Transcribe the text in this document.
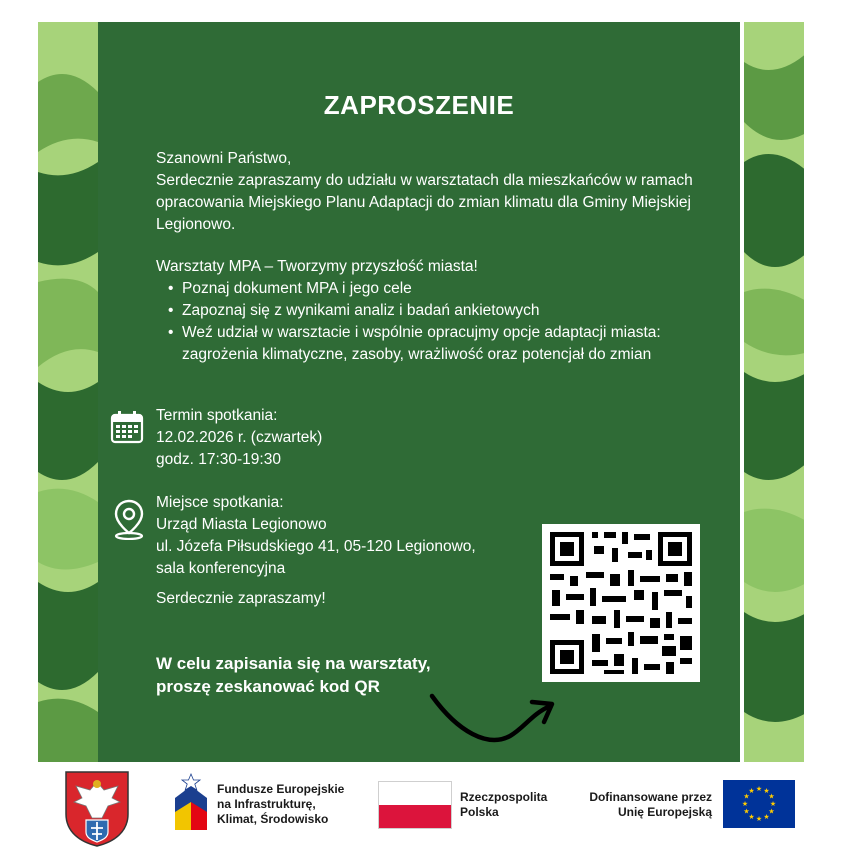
ZAPROSZENIE

Szanowni Państwo,

Serdecznie zapraszamy do udziału w warsztatach dla mieszkańców w ramach opracowania Miejskiego Planu Adaptacji do zmian klimatu dla Gminy Miejskiej Legionowo.

Warsztaty MPA – Tworzymy przyszłość miasta!
• Poznaj dokument MPA i jego cele
• Zapoznaj się z wynikami analiz i badań ankietowych
• Weź udział w warsztacie i wspólnie opracujmy opcje adaptacji miasta: zagrożenia klimatyczne, zasoby, wrażliwość oraz potencjał do zmian
Termin spotkania:
12.02.2026 r. (czwartek)
godz. 17:30-19:30
Miejsce spotkania:
Urząd Miasta Legionowo
ul. Józefa Piłsudskiego 41, 05-120 Legionowo,
sala konferencyjna
Serdecznie zapraszamy!
W celu zapisania się na warsztaty,
proszę zeskanować kod QR
Fundusze Europejskie
na Infrastrukturę,
Klimat, Środowisko
Rzeczpospolita
Polska
Dofinansowane przez
Unię Europejską
★ ★
★
★
★
★
★
★
★
★
★
★
